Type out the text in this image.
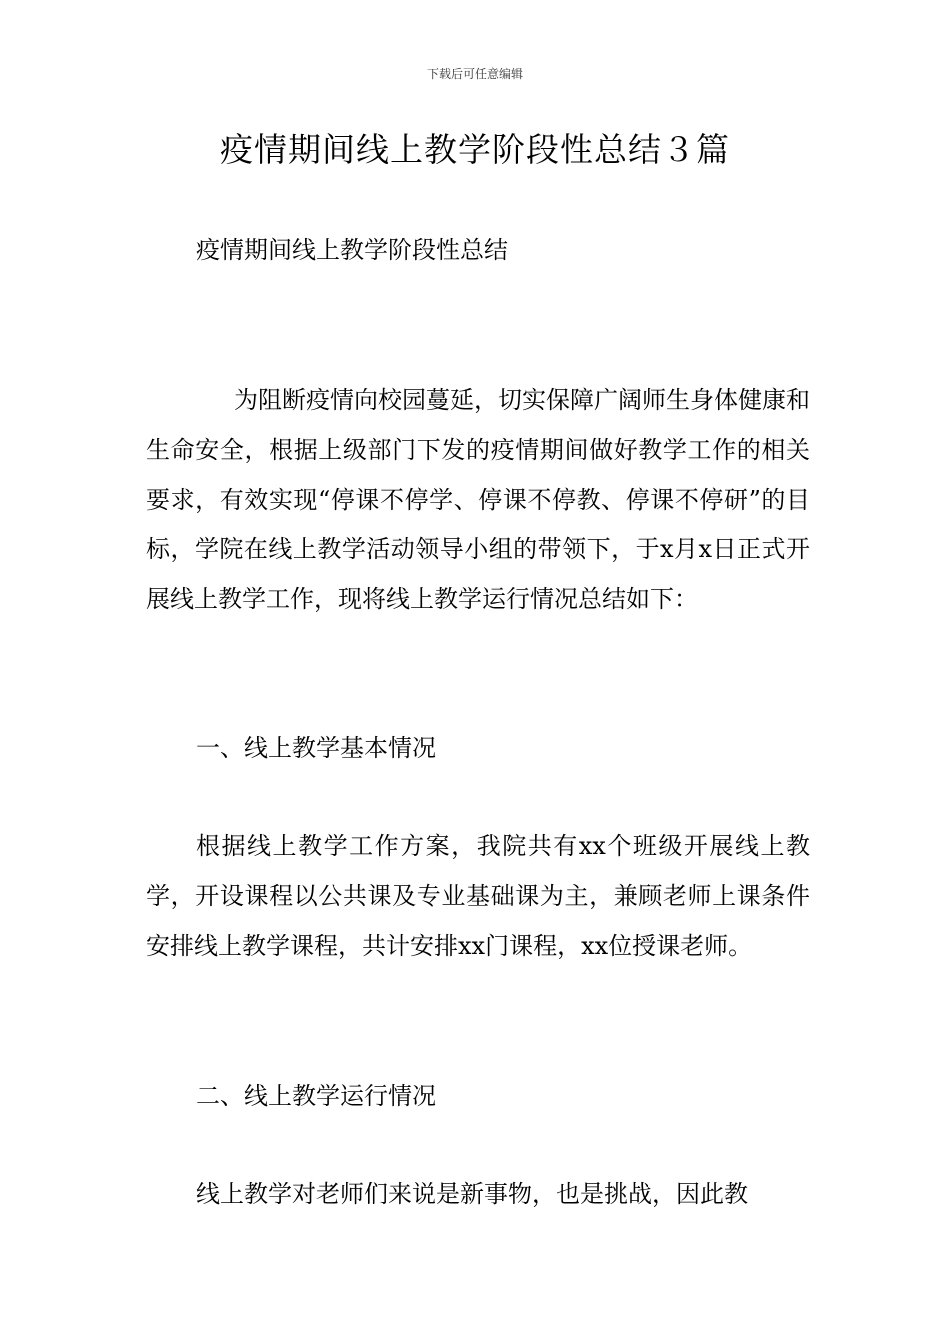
下载后可任意编辑
疫情期间线上教学阶段性总结３篇

疫情期间线上教学阶段性总结

为阻断疫情向校园蔓延，切实保障广阔师生身体健康和生命安全，根据上级部门下发的疫情期间做好教学工作的相关要求，有效实现“停课不停学、停课不停教、停课不停研”的目标，学院在线上教学活动领导小组的带领下，于x月x日正式开展线上教学工作，现将线上教学运行情况总结如下：

一、线上教学基本情况

根据线上教学工作方案，我院共有xx个班级开展线上教学，开设课程以公共课及专业基础课为主，兼顾老师上课条件安排线上教学课程，共计安排xx门课程，xx位授课老师。

二、线上教学运行情况

线上教学对老师们来说是新事物，也是挑战，因此教
